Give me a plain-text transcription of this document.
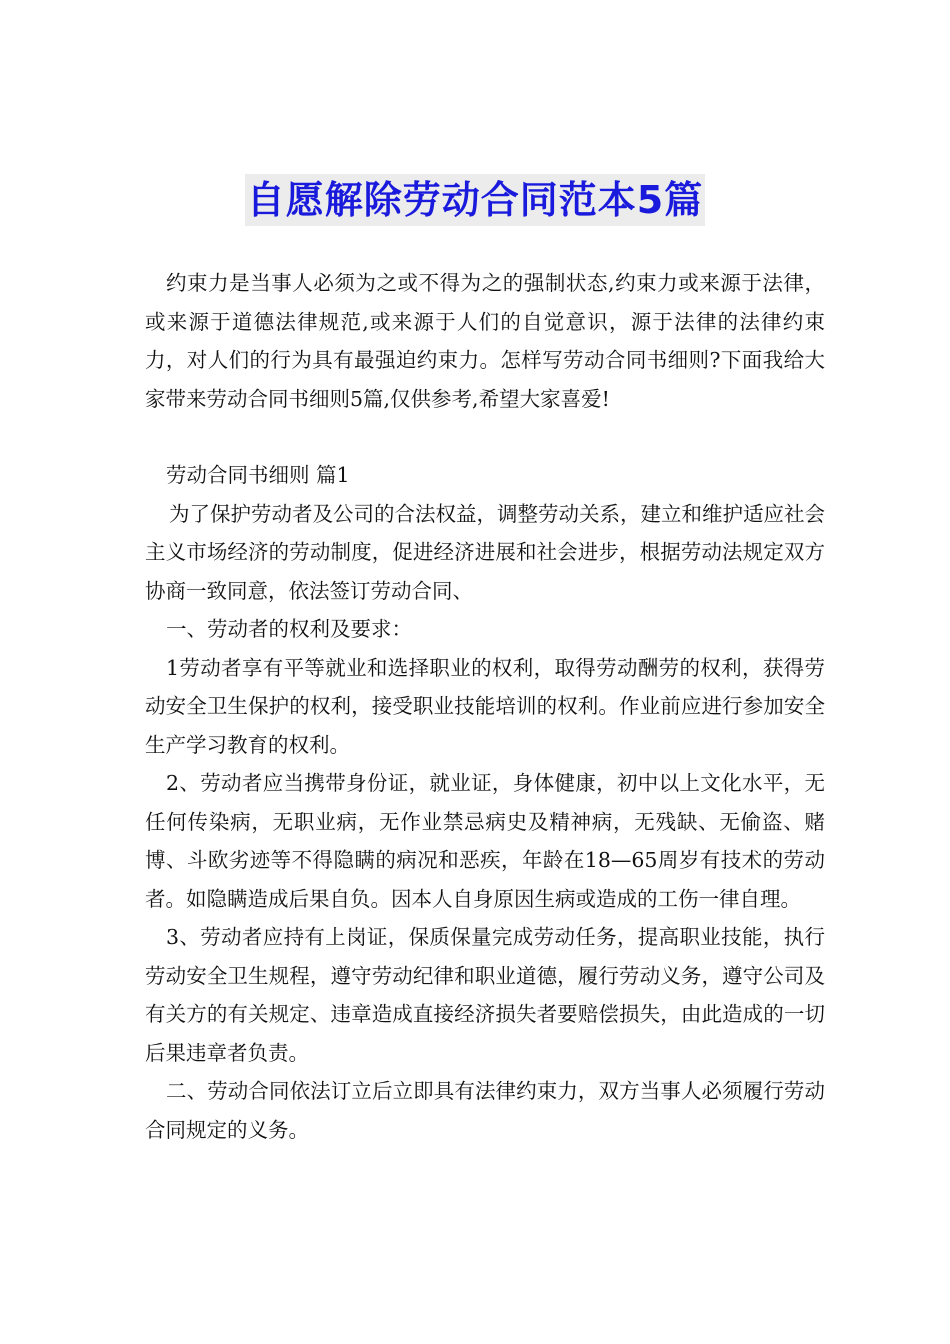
自愿解除劳动合同范本5篇

约束力是当事人必须为之或不得为之的强制状态,约束力或来源于法律，或来源于道德法律规范,或来源于人们的自觉意识，源于法律的法律约束力，对人们的行为具有最强迫约束力。怎样写劳动合同书细则?下面我给大家带来劳动合同书细则5篇,仅供参考,希望大家喜爱!

劳动合同书细则 篇1

为了保护劳动者及公司的合法权益，调整劳动关系，建立和维护适应社会主义市场经济的劳动制度，促进经济进展和社会进步，根据劳动法规定双方协商一致同意，依法签订劳动合同、

一、劳动者的权利及要求：

1劳动者享有平等就业和选择职业的权利，取得劳动酬劳的权利，获得劳动安全卫生保护的权利，接受职业技能培训的权利。作业前应进行参加安全生产学习教育的权利。

2、劳动者应当携带身份证，就业证，身体健康，初中以上文化水平，无任何传染病，无职业病，无作业禁忌病史及精神病，无残缺、无偷盗、赌博、斗欧劣迹等不得隐瞒的病况和恶疾，年龄在18—65周岁有技术的劳动者。如隐瞒造成后果自负。因本人自身原因生病或造成的工伤一律自理。

3、劳动者应持有上岗证，保质保量完成劳动任务，提高职业技能，执行劳动安全卫生规程，遵守劳动纪律和职业道德，履行劳动义务，遵守公司及有关方的有关规定、违章造成直接经济损失者要赔偿损失，由此造成的一切后果违章者负责。

二、劳动合同依法订立后立即具有法律约束力，双方当事人必须履行劳动合同规定的义务。
